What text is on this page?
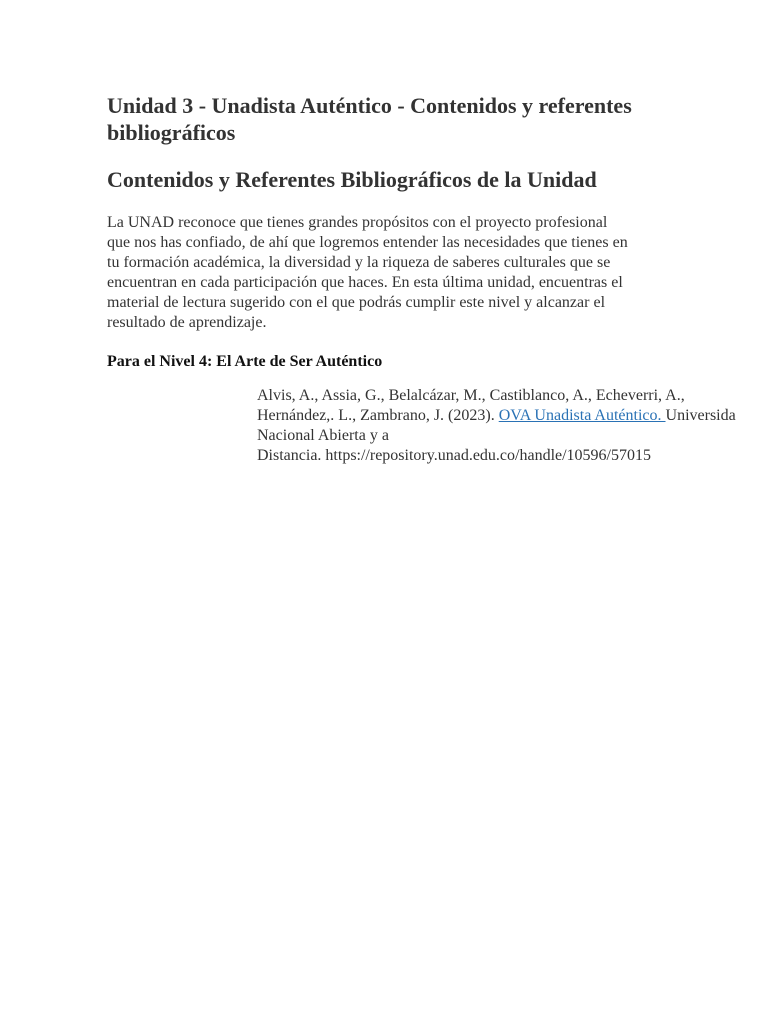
Unidad 3 - Unadista Auténtico - Contenidos y referentes
bibliográficos
Contenidos y Referentes Bibliográficos de la Unidad

La UNAD reconoce que tienes grandes propósitos con el proyecto profesional
que nos has confiado, de ahí que logremos entender las necesidades que tienes en
tu formación académica, la diversidad y la riqueza de saberes culturales que se
encuentran en cada participación que haces. En esta última unidad, encuentras el
material de lectura sugerido con el que podrás cumplir este nivel y alcanzar el
resultado de aprendizaje.

Para el Nivel 4: El Arte de Ser Auténtico
Alvis, A., Assia, G., Belalcázar, M., Castiblanco, A., Echeverri, A.,
Hernández,. L., Zambrano, J. (2023). OVA Unadista Auténtico. Universida
Nacional Abierta y a
Distancia. https://repository.unad.edu.co/handle/10596/57015
